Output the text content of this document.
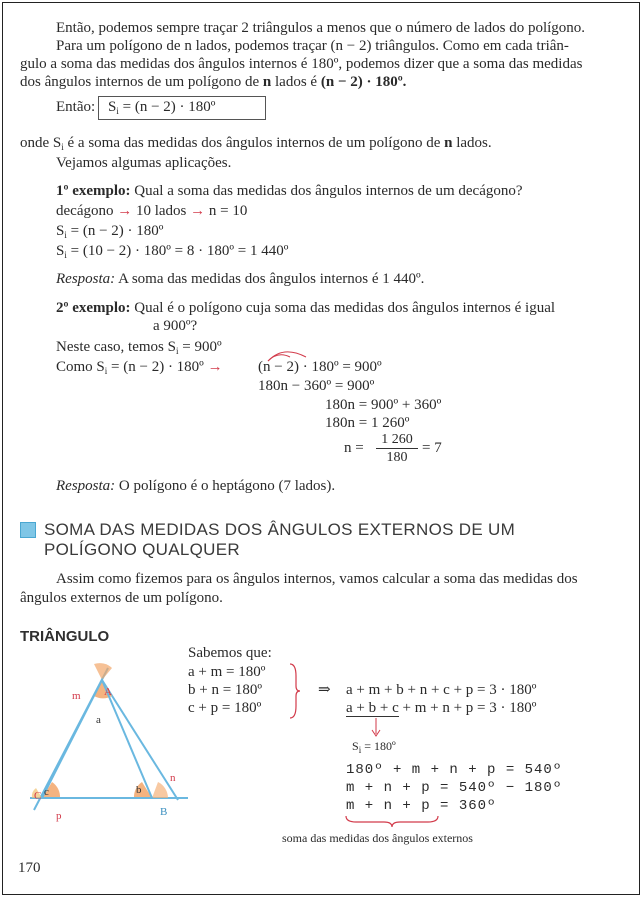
Então, podemos sempre traçar 2 triângulos a menos que o número de lados do polígono.
Para um polígono de n lados, podemos traçar (n − 2) triângulos. Como em cada triân-
gulo a soma das medidas dos ângulos internos é 180º, podemos dizer que a soma das medidas
dos ângulos internos de um polígono de n lados é (n − 2) · 180º.
Então: $S_i = (n - 2)$ · 180º
onde $S_i$ é a soma das medidas dos ângulos internos de um polígono de n lados.
Vejamos algumas aplicações.
1º exemplo: Qual a soma das medidas dos ângulos internos de um decágono?
decágono → 10 lados → n = 10
$S_i = (n - 2)$ · 180º
$S_i = (10 - 2)$ · 180º = 8 · 180º = 1 440º
Resposta: A soma das medidas dos ângulos internos é 1 440º.
2º exemplo: Qual é o polígono cuja soma das medidas dos ângulos internos é igual
a 900º?
Neste caso, temos $S_i$ = 900º
Como $S_i = (n - 2)$ · 180º → (n − 2) · 180º = 900º
180n − 360º = 900º
180n = 900º + 360º
180n = 1 260º
n =
1 260
180
= 7
Resposta: O polígono é o heptágono (7 lados).
SOMA DAS MEDIDAS DOS ÂNGULOS EXTERNOS DE UM
POLÍGONO QUALQUER
Assim como fizemos para os ângulos internos, vamos calcular a soma das medidas dos
ângulos externos de um polígono.
TRIÂNGULO
A
a
m
b
n
B
c
C
p
Sabemos que:
a + m = 180º
b + n = 180º
c + p = 180º
⇒ a + m + b + n + c + p = 3 · 180º
a + b + c + m + n + p = 3 · 180º
$S_i$ = 180º
180º + m + n + p = 540º
m + n + p = 540º − 180º
m + n + p = 360º
soma das medidas dos ângulos externos
170
